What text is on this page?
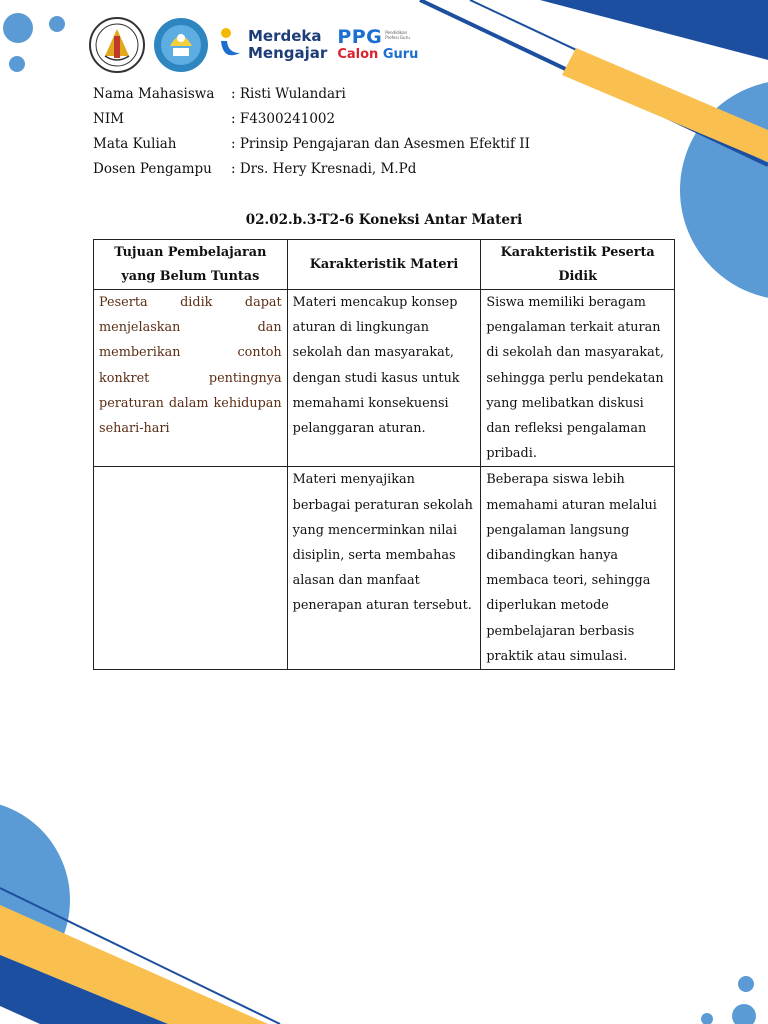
Merdeka
Mengajar
PPG Pendidikan Profesi Guru
Calon Guru
Nama Mahasiswa	: Risti Wulandari
NIM	: F4300241002
Mata Kuliah	: Prinsip Pengajaran dan Asesmen Efektif II
Dosen Pengampu	: Drs. Hery Kresnadi, M.Pd
02.02.b.3-T2-6 Koneksi Antar Materi
Tujuan Pembelajaran yang Belum Tuntas	Karakteristik Materi	Karakteristik Peserta Didik
Peserta didik dapat menjelaskan dan memberikan contoh konkret pentingnya peraturan dalam kehidupan sehari-hari	Materi mencakup konsep aturan di lingkungan sekolah dan masyarakat, dengan studi kasus untuk memahami konsekuensi pelanggaran aturan.	Siswa memiliki beragam pengalaman terkait aturan di sekolah dan masyarakat, sehingga perlu pendekatan yang melibatkan diskusi dan refleksi pengalaman pribadi.
	Materi menyajikan berbagai peraturan sekolah yang mencerminkan nilai disiplin, serta membahas alasan dan manfaat penerapan aturan tersebut.	Beberapa siswa lebih memahami aturan melalui pengalaman langsung dibandingkan hanya membaca teori, sehingga diperlukan metode pembelajaran berbasis praktik atau simulasi.
